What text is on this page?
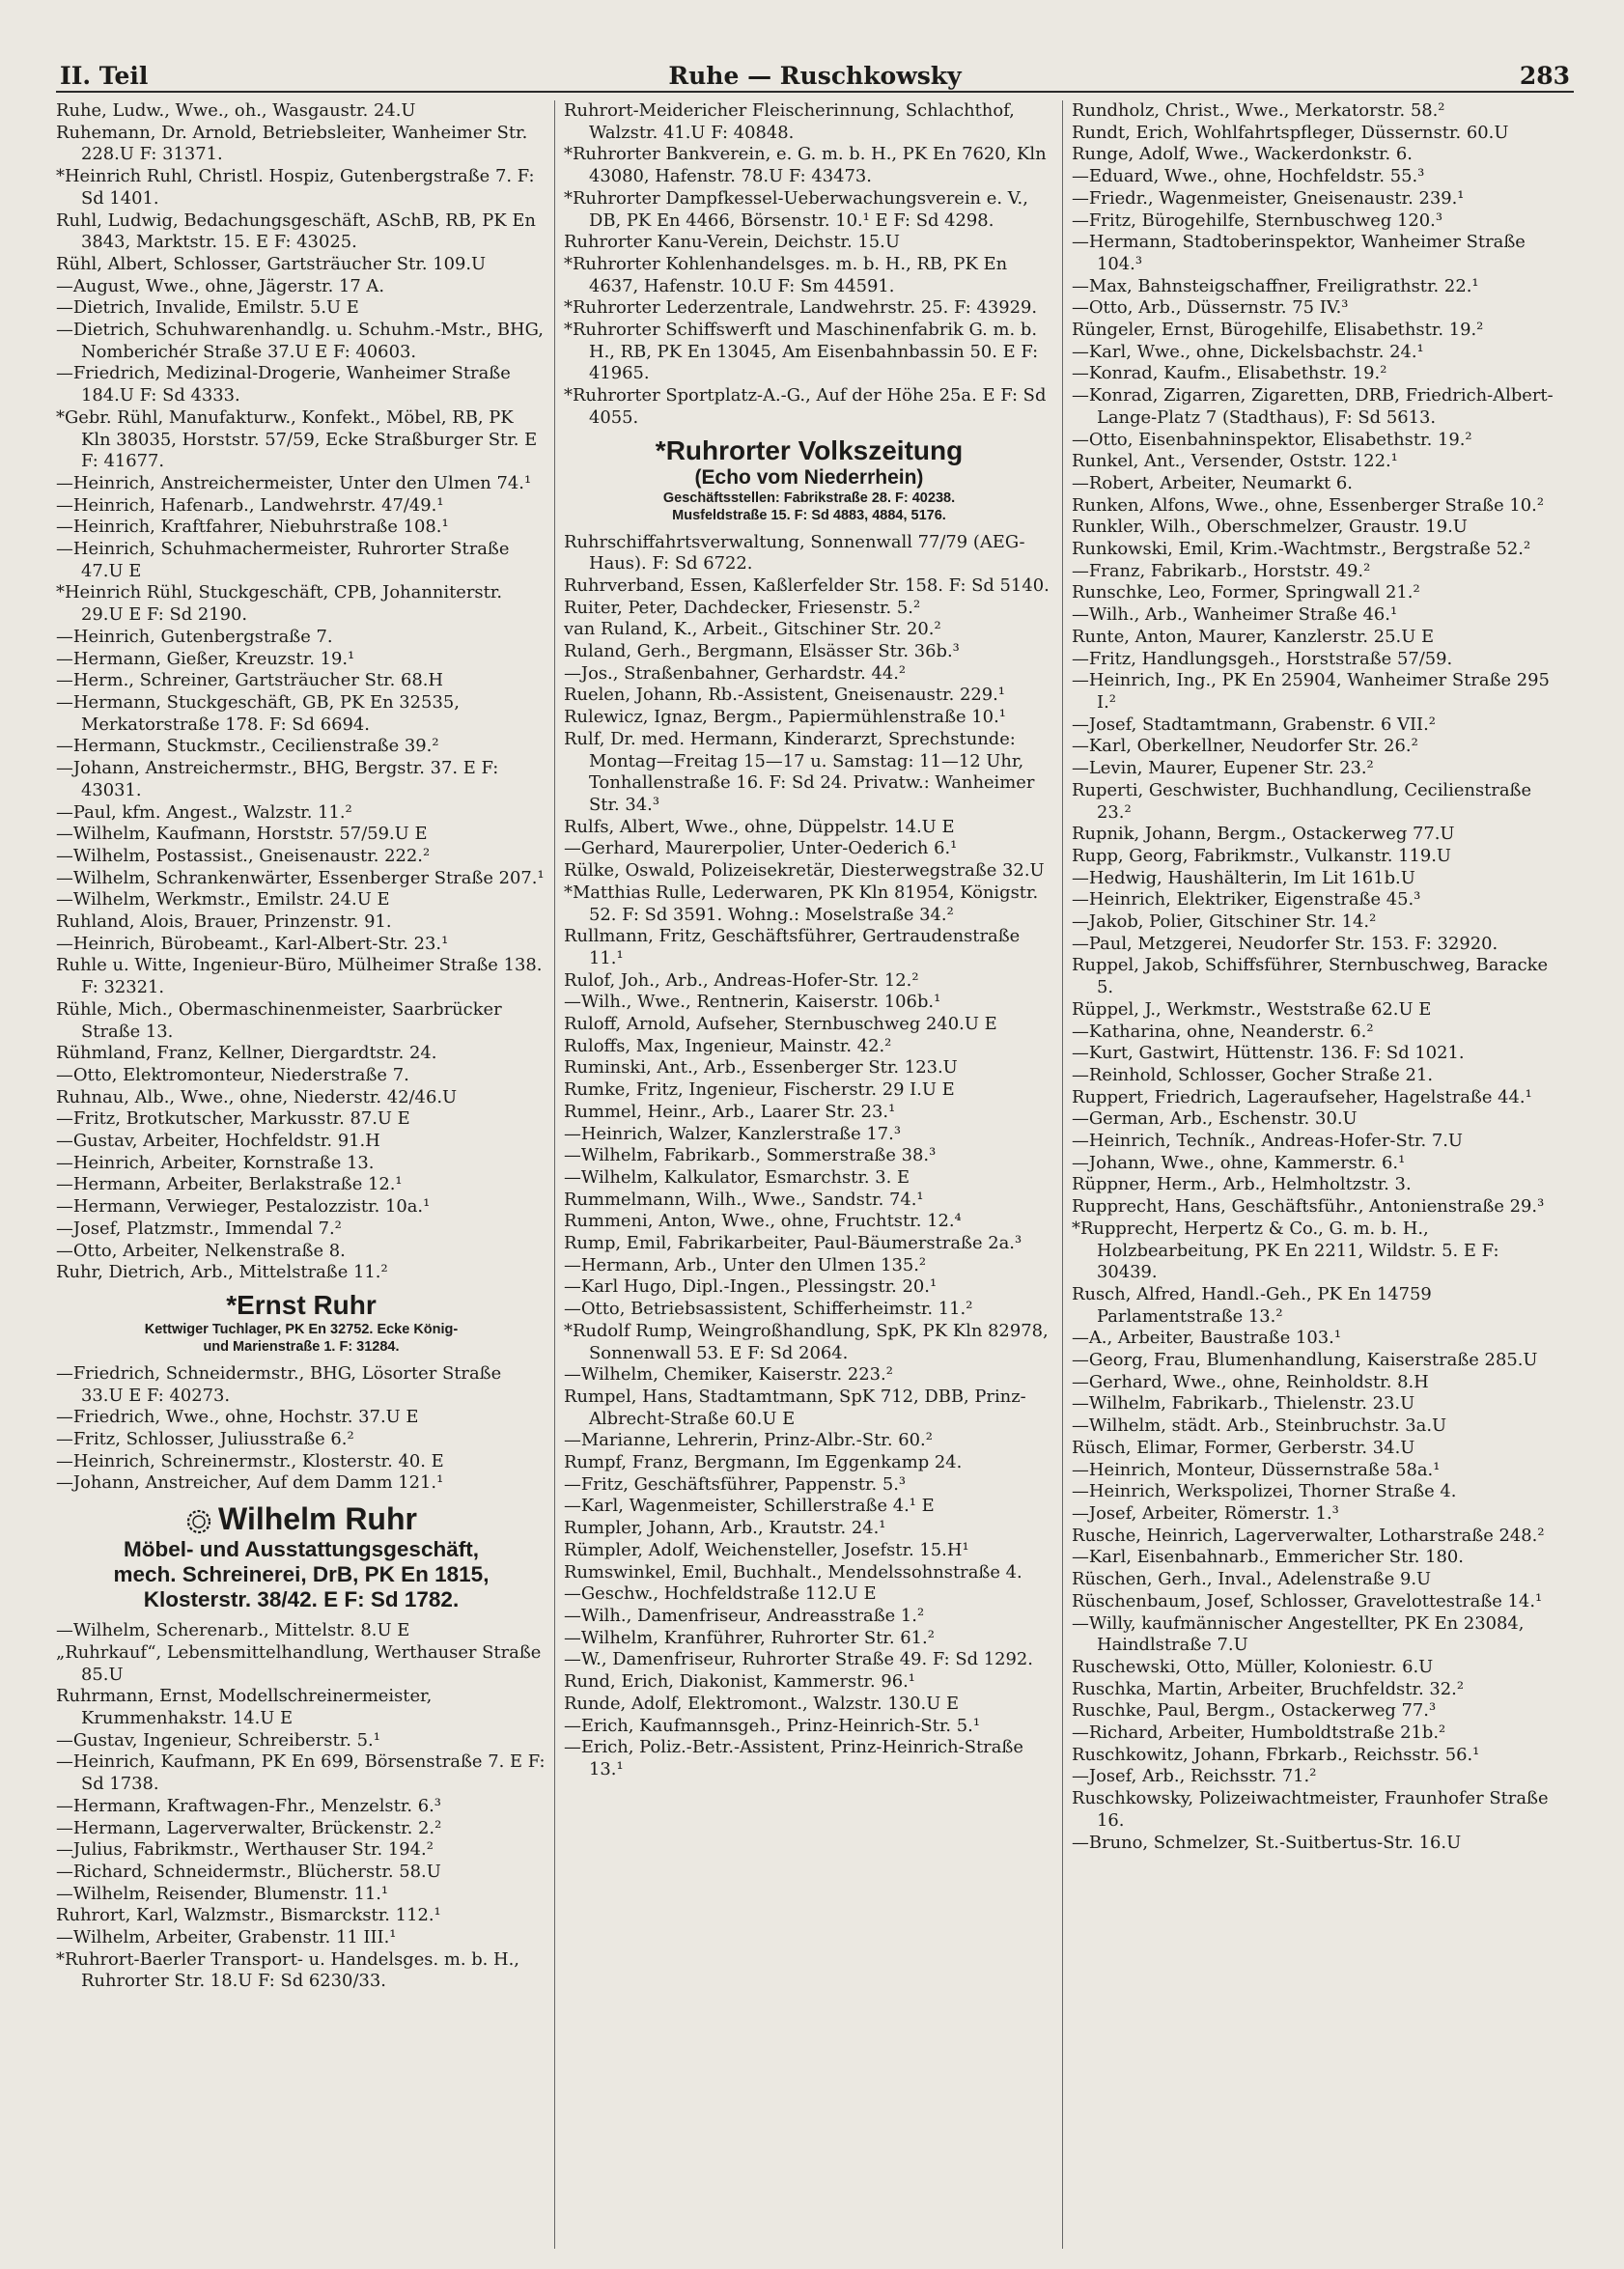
II. Teil	Ruhe — Ruschkowsky	283

Ruhe, Ludw., Wwe., oh., Wasgaustr. 24.U

Ruhemann, Dr. Arnold, Betriebsleiter, Wanheimer Str. 228.U F: 31371.

*Heinrich Ruhl, Christl. Hospiz, Gutenbergstraße 7. F: Sd 1401.

Ruhl, Ludwig, Bedachungsgeschäft, ASchB, RB, PK En 3843, Marktstr. 15. E F: 43025.

Rühl, Albert, Schlosser, Gartsträucher Str. 109.U

—August, Wwe., ohne, Jägerstr. 17 A.

—Dietrich, Invalide, Emilstr. 5.U E

—Dietrich, Schuhwarenhandlg. u. Schuhm.-Mstr., BHG, Nomberichér Straße 37.U E F: 40603.

—Friedrich, Medizinal-Drogerie, Wanheimer Straße 184.U F: Sd 4333.

*Gebr. Rühl, Manufakturw., Konfekt., Möbel, RB, PK Kln 38035, Horststr. 57/59, Ecke Straßburger Str. E F: 41677.

—Heinrich, Anstreichermeister, Unter den Ulmen 74.¹

—Heinrich, Hafenarb., Landwehrstr. 47/49.¹

—Heinrich, Kraftfahrer, Niebuhrstraße 108.¹

—Heinrich, Schuhmachermeister, Ruhrorter Straße 47.U E

*Heinrich Rühl, Stuckgeschäft, CPB, Johanniterstr. 29.U E F: Sd 2190.

—Heinrich, Gutenbergstraße 7.

—Hermann, Gießer, Kreuzstr. 19.¹

—Herm., Schreiner, Gartsträucher Str. 68.H

—Hermann, Stuckgeschäft, GB, PK En 32535, Merkatorstraße 178. F: Sd 6694.

—Hermann, Stuckmstr., Cecilienstraße 39.²

—Johann, Anstreichermstr., BHG, Bergstr. 37. E F: 43031.

—Paul, kfm. Angest., Walzstr. 11.²

—Wilhelm, Kaufmann, Horststr. 57/59.U E

—Wilhelm, Postassist., Gneisenaustr. 222.²

—Wilhelm, Schrankenwärter, Essenberger Straße 207.¹

—Wilhelm, Werkmstr., Emilstr. 24.U E

Ruhland, Alois, Brauer, Prinzenstr. 91.

—Heinrich, Bürobeamt., Karl-Albert-Str. 23.¹

Ruhle u. Witte, Ingenieur-Büro, Mülheimer Straße 138. F: 32321.

Rühle, Mich., Obermaschinenmeister, Saarbrücker Straße 13.

Rühmland, Franz, Kellner, Diergardtstr. 24.

—Otto, Elektromonteur, Niederstraße 7.

Ruhnau, Alb., Wwe., ohne, Niederstr. 42/46.U

—Fritz, Brotkutscher, Markusstr. 87.U E

—Gustav, Arbeiter, Hochfeldstr. 91.H

—Heinrich, Arbeiter, Kornstraße 13.

—Hermann, Arbeiter, Berlakstraße 12.¹

—Hermann, Verwieger, Pestalozzistr. 10a.¹

—Josef, Platzmstr., Immendal 7.²

—Otto, Arbeiter, Nelkenstraße 8.

Ruhr, Dietrich, Arb., Mittelstraße 11.²

*Ernst Ruhr
Kettwiger Tuchlager, PK En 32752. Ecke König-
und Marienstraße 1. F: 31284.

—Friedrich, Schneidermstr., BHG, Lösorter Straße 33.U E F: 40273.

—Friedrich, Wwe., ohne, Hochstr. 37.U E

—Fritz, Schlosser, Juliusstraße 6.²

—Heinrich, Schreinermstr., Klosterstr. 40. E

—Johann, Anstreicher, Auf dem Damm 121.¹

Wilhelm Ruhr
Möbel- und Ausstattungsgeschäft,
mech. Schreinerei, DrB, PK En 1815,
Klosterstr. 38/42. E F: Sd 1782.

—Wilhelm, Scherenarb., Mittelstr. 8.U E

„Ruhrkauf“, Lebensmittelhandlung, Werthauser Straße 85.U

Ruhrmann, Ernst, Modellschreinermeister, Krummenhakstr. 14.U E

—Gustav, Ingenieur, Schreiberstr. 5.¹

—Heinrich, Kaufmann, PK En 699, Börsenstraße 7. E F: Sd 1738.

—Hermann, Kraftwagen-Fhr., Menzelstr. 6.³

—Hermann, Lagerverwalter, Brückenstr. 2.²

—Julius, Fabrikmstr., Werthauser Str. 194.²

—Richard, Schneidermstr., Blücherstr. 58.U

—Wilhelm, Reisender, Blumenstr. 11.¹

Ruhrort, Karl, Walzmstr., Bismarckstr. 112.¹

—Wilhelm, Arbeiter, Grabenstr. 11 III.¹

*Ruhrort-Baerler Transport- u. Handelsges. m. b. H., Ruhrorter Str. 18.U F: Sd 6230/33.

Ruhrort-Meidericher Fleischerinnung, Schlachthof, Walzstr. 41.U F: 40848.

*Ruhrorter Bankverein, e. G. m. b. H., PK En 7620, Kln 43080, Hafenstr. 78.U F: 43473.

*Ruhrorter Dampfkessel-Ueberwachungsverein e. V., DB, PK En 4466, Börsenstr. 10.¹ E F: Sd 4298.

Ruhrorter Kanu-Verein, Deichstr. 15.U

*Ruhrorter Kohlenhandelsges. m. b. H., RB, PK En 4637, Hafenstr. 10.U F: Sm 44591.

*Ruhrorter Lederzentrale, Landwehrstr. 25. F: 43929.

*Ruhrorter Schiffswerft und Maschinenfabrik G. m. b. H., RB, PK En 13045, Am Eisenbahnbassin 50. E F: 41965.

*Ruhrorter Sportplatz-A.-G., Auf der Höhe 25a. E F: Sd 4055.

*Ruhrorter Volkszeitung
(Echo vom Niederrhein)
Geschäftsstellen: Fabrikstraße 28. F: 40238.
Musfeldstraße 15. F: Sd 4883, 4884, 5176.

Ruhrschiffahrtsverwaltung, Sonnenwall 77/79 (AEG-Haus). F: Sd 6722.

Ruhrverband, Essen, Kaßlerfelder Str. 158. F: Sd 5140.

Ruiter, Peter, Dachdecker, Friesenstr. 5.²

van Ruland, K., Arbeit., Gitschiner Str. 20.²

Ruland, Gerh., Bergmann, Elsässer Str. 36b.³

—Jos., Straßenbahner, Gerhardstr. 44.²

Ruelen, Johann, Rb.-Assistent, Gneisenaustr. 229.¹

Rulewicz, Ignaz, Bergm., Papiermühlenstraße 10.¹

Rulf, Dr. med. Hermann, Kinderarzt, Sprechstunde: Montag—Freitag 15—17 u. Samstag: 11—12 Uhr, Tonhallenstraße 16. F: Sd 24. Privatw.: Wanheimer Str. 34.³

Rulfs, Albert, Wwe., ohne, Düppelstr. 14.U E

—Gerhard, Maurerpolier, Unter-Oederich 6.¹

Rülke, Oswald, Polizeisekretär, Diesterwegstraße 32.U

*Matthias Rulle, Lederwaren, PK Kln 81954, Königstr. 52. F: Sd 3591. Wohng.: Moselstraße 34.²

Rullmann, Fritz, Geschäftsführer, Gertraudenstraße 11.¹

Rulof, Joh., Arb., Andreas-Hofer-Str. 12.²

—Wilh., Wwe., Rentnerin, Kaiserstr. 106b.¹

Ruloff, Arnold, Aufseher, Sternbuschweg 240.U E

Ruloffs, Max, Ingenieur, Mainstr. 42.²

Ruminski, Ant., Arb., Essenberger Str. 123.U

Rumke, Fritz, Ingenieur, Fischerstr. 29 I.U E

Rummel, Heinr., Arb., Laarer Str. 23.¹

—Heinrich, Walzer, Kanzlerstraße 17.³

—Wilhelm, Fabrikarb., Sommerstraße 38.³

—Wilhelm, Kalkulator, Esmarchstr. 3. E

Rummelmann, Wilh., Wwe., Sandstr. 74.¹

Rummeni, Anton, Wwe., ohne, Fruchtstr. 12.⁴

Rump, Emil, Fabrikarbeiter, Paul-Bäumerstraße 2a.³

—Hermann, Arb., Unter den Ulmen 135.²

—Karl Hugo, Dipl.-Ingen., Plessingstr. 20.¹

—Otto, Betriebsassistent, Schifferheimstr. 11.²

*Rudolf Rump, Weingroßhandlung, SpK, PK Kln 82978, Sonnenwall 53. E F: Sd 2064.

—Wilhelm, Chemiker, Kaiserstr. 223.²

Rumpel, Hans, Stadtamtmann, SpK 712, DBB, Prinz-Albrecht-Straße 60.U E

—Marianne, Lehrerin, Prinz-Albr.-Str. 60.²

Rumpf, Franz, Bergmann, Im Eggenkamp 24.

—Fritz, Geschäftsführer, Pappenstr. 5.³

—Karl, Wagenmeister, Schillerstraße 4.¹ E

Rumpler, Johann, Arb., Krautstr. 24.¹

Rümpler, Adolf, Weichensteller, Josefstr. 15.H¹

Rumswinkel, Emil, Buchhalt., Mendelssohnstraße 4.

—Geschw., Hochfeldstraße 112.U E

—Wilh., Damenfriseur, Andreasstraße 1.²

—Wilhelm, Kranführer, Ruhrorter Str. 61.²

—W., Damenfriseur, Ruhrorter Straße 49. F: Sd 1292.

Rund, Erich, Diakonist, Kammerstr. 96.¹

Runde, Adolf, Elektromont., Walzstr. 130.U E

—Erich, Kaufmannsgeh., Prinz-Heinrich-Str. 5.¹

—Erich, Poliz.-Betr.-Assistent, Prinz-Heinrich-Straße 13.¹

Rundholz, Christ., Wwe., Merkatorstr. 58.²

Rundt, Erich, Wohlfahrtspfleger, Düssernstr. 60.U

Runge, Adolf, Wwe., Wackerdonkstr. 6.

—Eduard, Wwe., ohne, Hochfeldstr. 55.³

—Friedr., Wagenmeister, Gneisenaustr. 239.¹

—Fritz, Bürogehilfe, Sternbuschweg 120.³

—Hermann, Stadtoberinspektor, Wanheimer Straße 104.³

—Max, Bahnsteigschaffner, Freiligrathstr. 22.¹

—Otto, Arb., Düssernstr. 75 IV.³

Rüngeler, Ernst, Bürogehilfe, Elisabethstr. 19.²

—Karl, Wwe., ohne, Dickelsbachstr. 24.¹

—Konrad, Kaufm., Elisabethstr. 19.²

—Konrad, Zigarren, Zigaretten, DRB, Friedrich-Albert-Lange-Platz 7 (Stadthaus), F: Sd 5613.

—Otto, Eisenbahninspektor, Elisabethstr. 19.²

Runkel, Ant., Versender, Oststr. 122.¹

—Robert, Arbeiter, Neumarkt 6.

Runken, Alfons, Wwe., ohne, Essenberger Straße 10.²

Runkler, Wilh., Oberschmelzer, Graustr. 19.U

Runkowski, Emil, Krim.-Wachtmstr., Bergstraße 52.²

—Franz, Fabrikarb., Horststr. 49.²

Runschke, Leo, Former, Springwall 21.²

—Wilh., Arb., Wanheimer Straße 46.¹

Runte, Anton, Maurer, Kanzlerstr. 25.U E

—Fritz, Handlungsgeh., Horststraße 57/59.

—Heinrich, Ing., PK En 25904, Wanheimer Straße 295 I.²

—Josef, Stadtamtmann, Grabenstr. 6 VII.²

—Karl, Oberkellner, Neudorfer Str. 26.²

—Levin, Maurer, Eupener Str. 23.²

Ruperti, Geschwister, Buchhandlung, Cecilienstraße 23.²

Rupnik, Johann, Bergm., Ostackerweg 77.U

Rupp, Georg, Fabrikmstr., Vulkanstr. 119.U

—Hedwig, Haushälterin, Im Lit 161b.U

—Heinrich, Elektriker, Eigenstraße 45.³

—Jakob, Polier, Gitschiner Str. 14.²

—Paul, Metzgerei, Neudorfer Str. 153. F: 32920.

Ruppel, Jakob, Schiffsführer, Sternbuschweg, Baracke 5.

Rüppel, J., Werkmstr., Weststraße 62.U E

—Katharina, ohne, Neanderstr. 6.²

—Kurt, Gastwirt, Hüttenstr. 136. F: Sd 1021.

—Reinhold, Schlosser, Gocher Straße 21.

Ruppert, Friedrich, Lageraufseher, Hagelstraße 44.¹

—German, Arb., Eschenstr. 30.U

—Heinrich, Techník., Andreas-Hofer-Str. 7.U

—Johann, Wwe., ohne, Kammerstr. 6.¹

Rüppner, Herm., Arb., Helmholtzstr. 3.

Rupprecht, Hans, Geschäftsführ., Antonienstraße 29.³

*Rupprecht, Herpertz & Co., G. m. b. H., Holzbearbeitung, PK En 2211, Wildstr. 5. E F: 30439.

Rusch, Alfred, Handl.-Geh., PK En 14759 Parlamentstraße 13.²

—A., Arbeiter, Baustraße 103.¹

—Georg, Frau, Blumenhandlung, Kaiserstraße 285.U

—Gerhard, Wwe., ohne, Reinholdstr. 8.H

—Wilhelm, Fabrikarb., Thielenstr. 23.U

—Wilhelm, städt. Arb., Steinbruchstr. 3a.U

Rüsch, Elimar, Former, Gerberstr. 34.U

—Heinrich, Monteur, Düssernstraße 58a.¹

—Heinrich, Werkspolizei, Thorner Straße 4.

—Josef, Arbeiter, Römerstr. 1.³

Rusche, Heinrich, Lagerverwalter, Lotharstraße 248.²

—Karl, Eisenbahnarb., Emmericher Str. 180.

Rüschen, Gerh., Inval., Adelenstraße 9.U

Rüschenbaum, Josef, Schlosser, Gravelottestraße 14.¹

—Willy, kaufmännischer Angestellter, PK En 23084, Haindlstraße 7.U

Ruschewski, Otto, Müller, Koloniestr. 6.U

Ruschka, Martin, Arbeiter, Bruchfeldstr. 32.²

Ruschke, Paul, Bergm., Ostackerweg 77.³

—Richard, Arbeiter, Humboldtstraße 21b.²

Ruschkowitz, Johann, Fbrkarb., Reichsstr. 56.¹

—Josef, Arb., Reichsstr. 71.²

Ruschkowsky, Polizeiwachtmeister, Fraunhofer Straße 16.

—Bruno, Schmelzer, St.-Suitbertus-Str. 16.U
